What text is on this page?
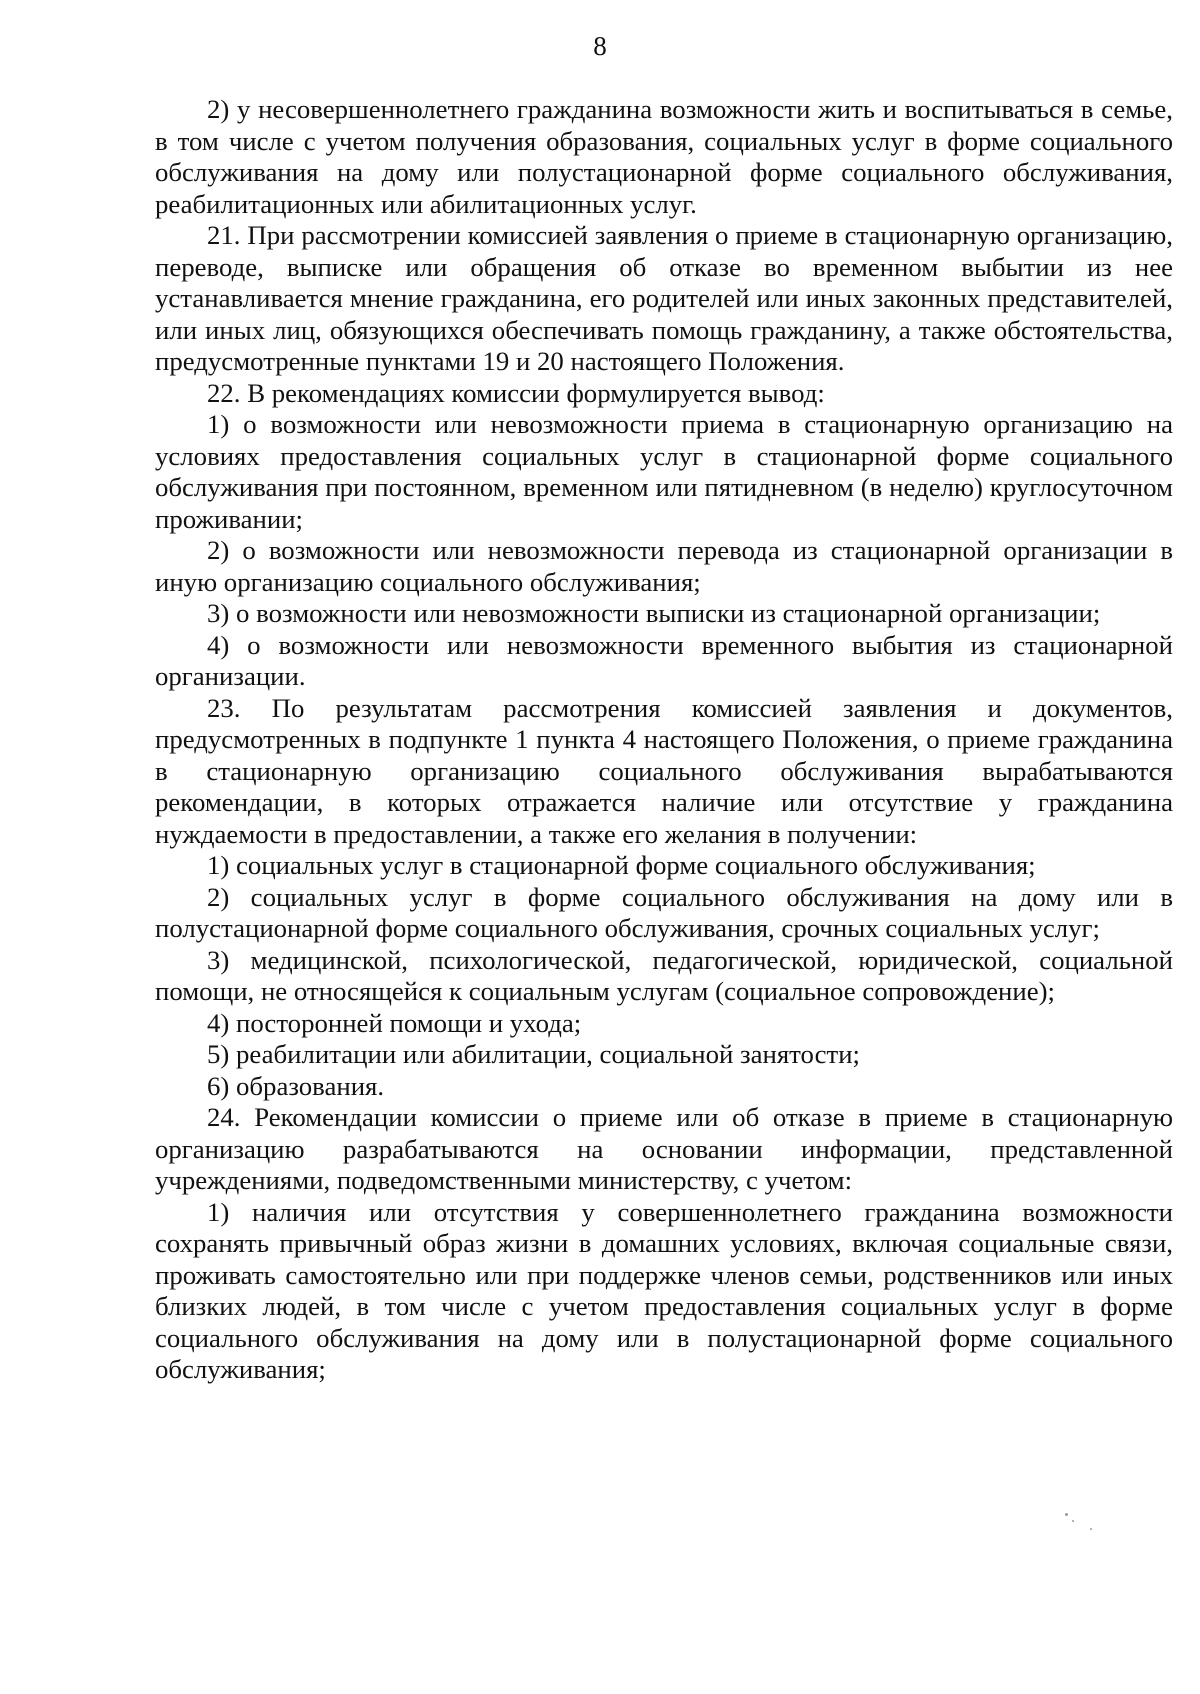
8

2) у несовершеннолетнего гражданина возможности жить и воспитываться в семье, в том числе с учетом получения образования, социальных услуг в форме социального обслуживания на дому или полустационарной форме социального обслуживания, реабилитационных или абилитационных услуг.

21. При рассмотрении комиссией заявления о приеме в стационарную организацию, переводе, выписке или обращения об отказе во временном выбытии из нее устанавливается мнение гражданина, его родителей или иных законных представителей, или иных лиц, обязующихся обеспечивать помощь гражданину, а также обстоятельства, предусмотренные пунктами 19 и 20 настоящего Положения.

22. В рекомендациях комиссии формулируется вывод:

1) о возможности или невозможности приема в стационарную организацию на условиях предоставления социальных услуг в стационарной форме социального обслуживания при постоянном, временном или пятидневном (в неделю) круглосуточном проживании;

2) о возможности или невозможности перевода из стационарной организации в иную организацию социального обслуживания;

3) о возможности или невозможности выписки из стационарной организации;

4) о возможности или невозможности временного выбытия из стационарной организации.

23. По результатам рассмотрения комиссией заявления и документов, предусмотренных в подпункте 1 пункта 4 настоящего Положения, о приеме гражданина в стационарную организацию социального обслуживания вырабатываются рекомендации, в которых отражается наличие или отсутствие у гражданина нуждаемости в предоставлении, а также его желания в получении:

1) социальных услуг в стационарной форме социального обслуживания;

2) социальных услуг в форме социального обслуживания на дому или в полустационарной форме социального обслуживания, срочных социальных услуг;

3) медицинской, психологической, педагогической, юридической, социальной помощи, не относящейся к социальным услугам (социальное сопровождение);

4) посторонней помощи и ухода;

5) реабилитации или абилитации, социальной занятости;

6) образования.

24. Рекомендации комиссии о приеме или об отказе в приеме в стационарную организацию разрабатываются на основании информации, представленной учреждениями, подведомственными министерству, с учетом:

1) наличия или отсутствия у совершеннолетнего гражданина возможности сохранять привычный образ жизни в домашних условиях, включая социальные связи, проживать самостоятельно или при поддержке членов семьи, родственников или иных близких людей, в том числе с учетом предоставления социальных услуг в форме социального обслуживания на дому или в полустационарной форме социального обслуживания;
